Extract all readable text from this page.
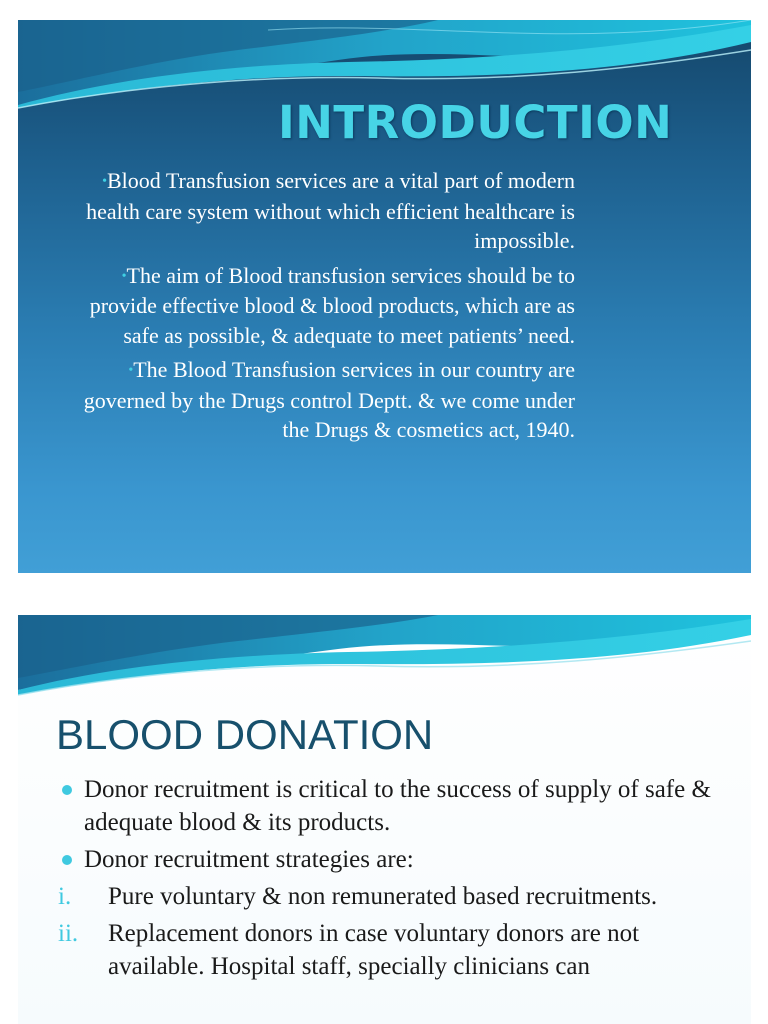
INTRODUCTION

•Blood Transfusion services are a vital part of modern health care system without which efficient healthcare is impossible.

•The aim of Blood transfusion services should be to provide effective blood & blood products, which are as safe as possible, & adequate to meet patients’ need.

•The Blood Transfusion services in our country are governed by the Drugs control Deptt. & we come under the Drugs & cosmetics act, 1940.

BLOOD DONATION
Donor recruitment is critical to the success of supply of safe & adequate blood & its products.
Donor recruitment strategies are:
i. Pure voluntary & non remunerated based recruitments.
ii. Replacement donors in case voluntary donors are not available. Hospital staff, specially clinicians can
